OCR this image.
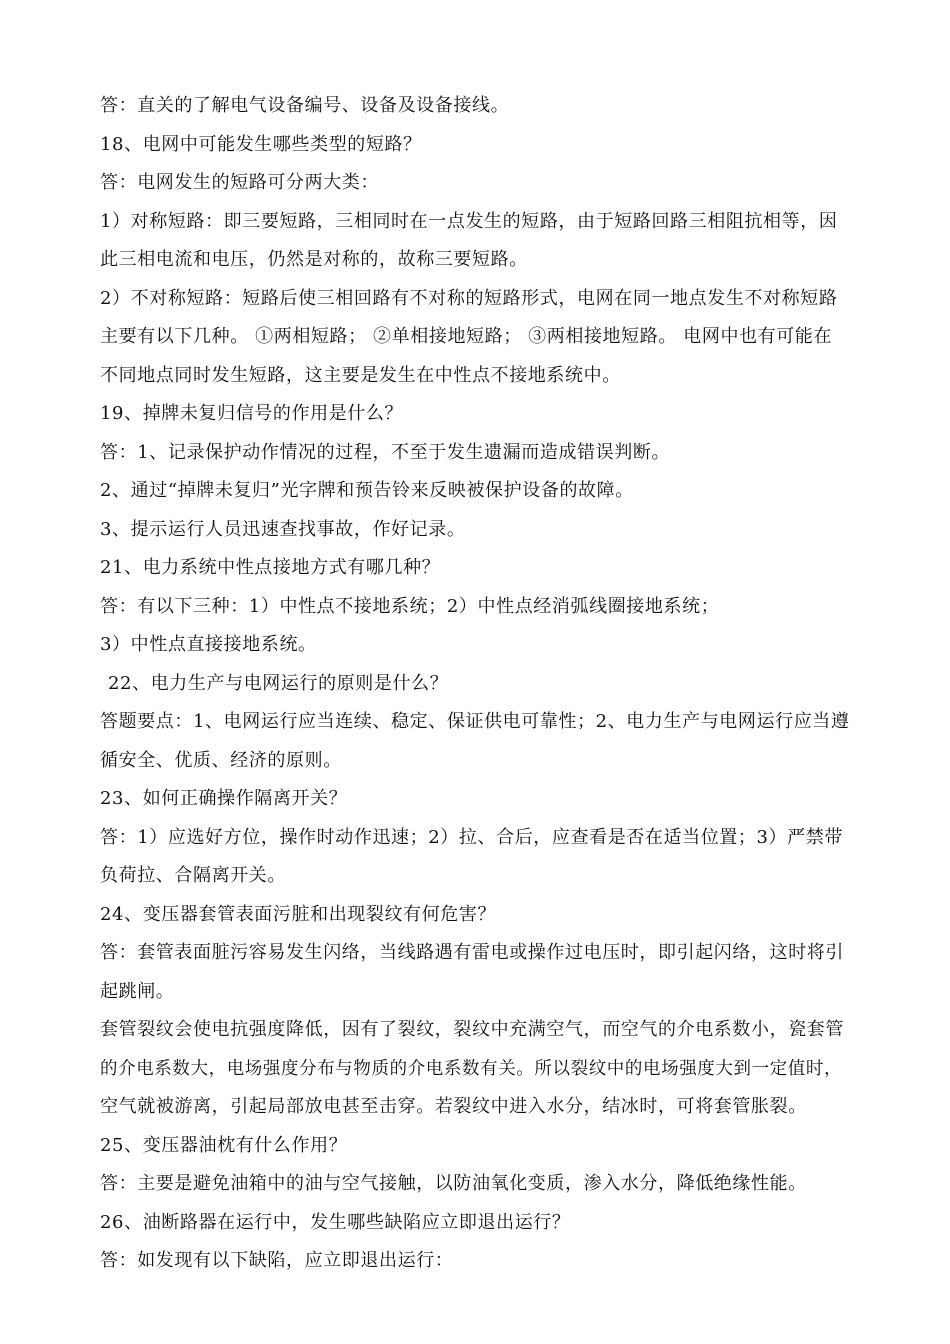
答：直关的了解电气设备编号、设备及设备接线。
18、电网中可能发生哪些类型的短路？
答：电网发生的短路可分两大类：
1）对称短路：即三要短路，三相同时在一点发生的短路，由于短路回路三相阻抗相等，因
此三相电流和电压，仍然是对称的，故称三要短路。
2）不对称短路：短路后使三相回路有不对称的短路形式，电网在同一地点发生不对称短路
主要有以下几种。 ①两相短路； ②单相接地短路； ③两相接地短路。 电网中也有可能在
不同地点同时发生短路，这主要是发生在中性点不接地系统中。
19、掉牌未复归信号的作用是什么？
答：1、记录保护动作情况的过程，不至于发生遗漏而造成错误判断。
2、通过“掉牌未复归”光字牌和预告铃来反映被保护设备的故障。
3、提示运行人员迅速查找事故，作好记录。
21、电力系统中性点接地方式有哪几种？
答：有以下三种：1）中性点不接地系统；2）中性点经消弧线圈接地系统；
3）中性点直接接地系统。
22、电力生产与电网运行的原则是什么？
答题要点：1、电网运行应当连续、稳定、保证供电可靠性；2、电力生产与电网运行应当遵
循安全、优质、经济的原则。
23、如何正确操作隔离开关？
答：1）应选好方位，操作时动作迅速；2）拉、合后，应查看是否在适当位置；3）严禁带
负荷拉、合隔离开关。
24、变压器套管表面污脏和出现裂纹有何危害？
答：套管表面脏污容易发生闪络，当线路遇有雷电或操作过电压时，即引起闪络，这时将引
起跳闸。
套管裂纹会使电抗强度降低，因有了裂纹，裂纹中充满空气，而空气的介电系数小，瓷套管
的介电系数大，电场强度分布与物质的介电系数有关。所以裂纹中的电场强度大到一定值时，
空气就被游离，引起局部放电甚至击穿。若裂纹中进入水分，结冰时，可将套管胀裂。
25、变压器油枕有什么作用？
答：主要是避免油箱中的油与空气接触，以防油氧化变质，渗入水分，降低绝缘性能。
26、油断路器在运行中，发生哪些缺陷应立即退出运行？
答：如发现有以下缺陷，应立即退出运行：
